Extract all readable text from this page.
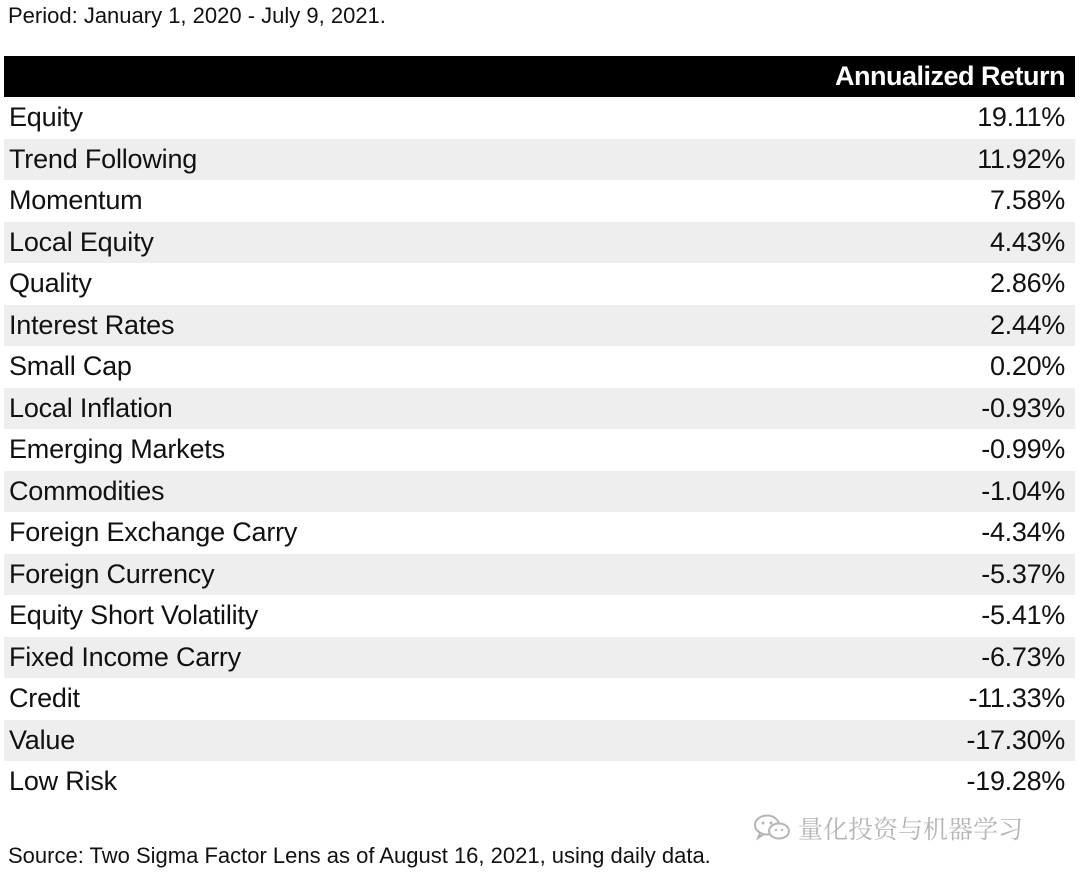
Period: January 1, 2020 - July 9, 2021.
Annualized Return
Equity	19.11%
Trend Following	11.92%
Momentum	7.58%
Local Equity	4.43%
Quality	2.86%
Interest Rates	2.44%
Small Cap	0.20%
Local Inflation	-0.93%
Emerging Markets	-0.99%
Commodities	-1.04%
Foreign Exchange Carry	-4.34%
Foreign Currency	-5.37%
Equity Short Volatility	-5.41%
Fixed Income Carry	-6.73%
Credit	-11.33%
Value	-17.30%
Low Risk	-19.28%
量化投资与机器学习
Source: Two Sigma Factor Lens as of August 16, 2021, using daily data.
